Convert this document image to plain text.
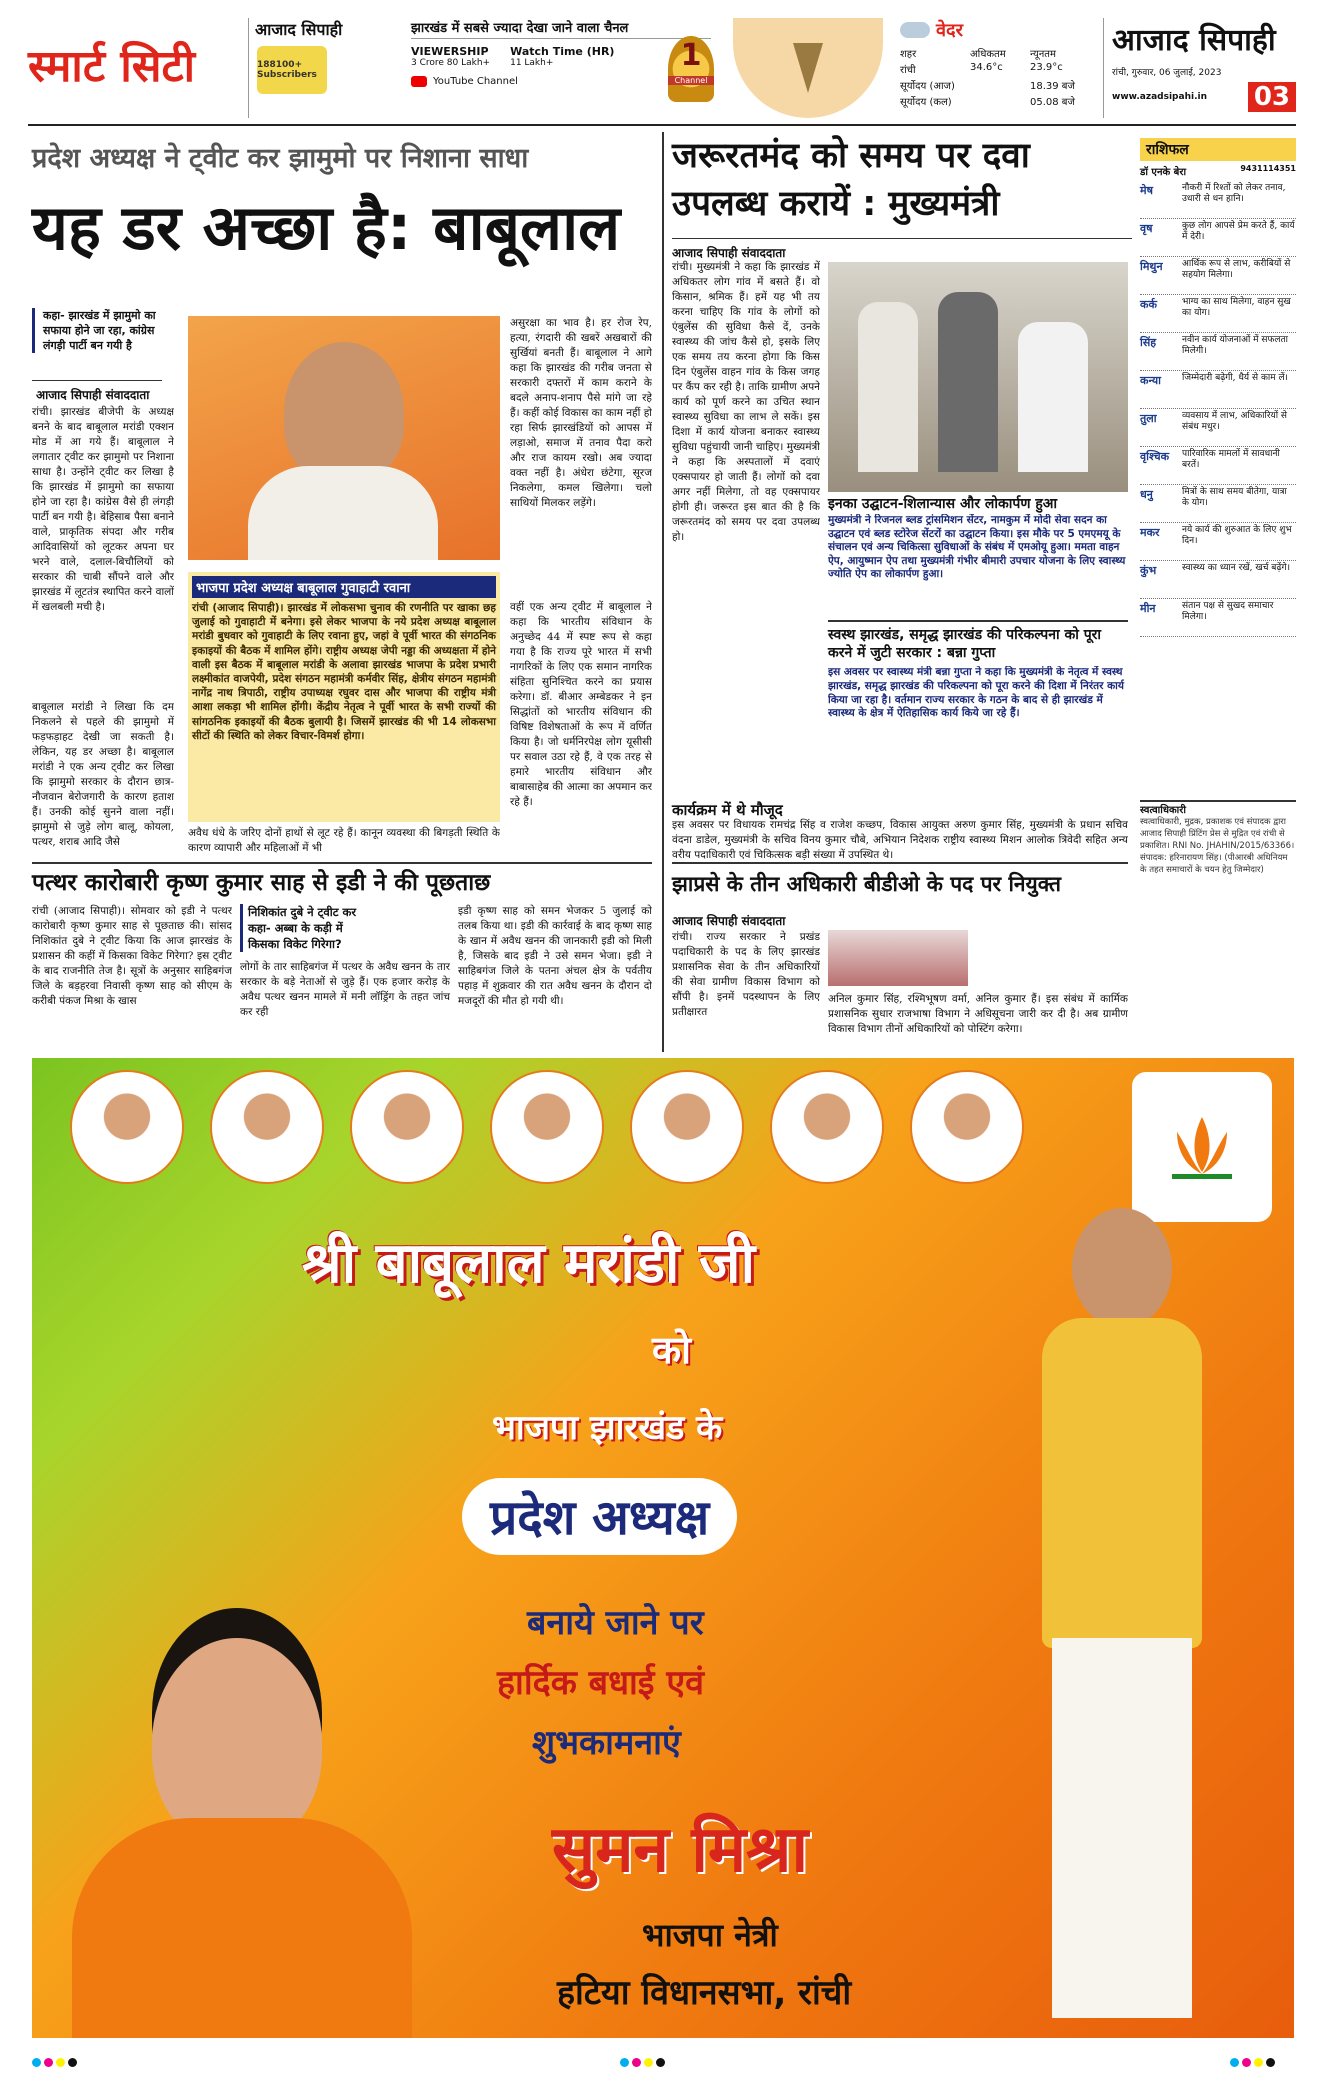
स्मार्ट सिटी
आजाद सिपाही
188100+ Subscribers
झारखंड में सबसे ज्यादा देखा जाने वाला चैनल
VIEWERSHIP
3 Crore 80 Lakh+
Watch Time (HR)
11 Lakh+
YouTube Channel
1
Channel
वेदर
शहर	अधिकतम	न्यूनतम
रांची	34.6°c	23.9°c
सूर्योदय (आज)	18.39 बजे
सूर्योदय (कल)	05.08 बजे
आजाद सिपाही
रांची, गुरुवार, 06 जुलाई, 2023
www.azadsipahi.in 03
प्रदेश अध्यक्ष ने ट्वीट कर झामुमो पर निशाना साधा
यह डर अच्छा है: बाबूलाल
कहा- झारखंड में झामुमो का सफाया होने जा रहा, कांग्रेस लंगड़ी पार्टी बन गयी है
आजाद सिपाही संवाददाता
रांची। झारखंड बीजेपी के अध्यक्ष बनने के बाद बाबूलाल मरांडी एक्शन मोड में आ गये हैं। बाबूलाल ने लगातार ट्वीट कर झामुमो पर निशाना साधा है। उन्होंने ट्वीट कर लिखा है कि झारखंड में झामुमो का सफाया होने जा रहा है। कांग्रेस वैसे ही लंगड़ी पार्टी बन गयी है। बेहिसाब पैसा बनाने वाले, प्राकृतिक संपदा और गरीब आदिवासियों को लूटकर अपना घर भरने वाले, दलाल-बिचौलियों को सरकार की चाबी सौंपने वाले और झारखंड में लूटतंत्र स्थापित करने वालों में खलबली मची है।
बाबूलाल मरांडी ने लिखा कि दम निकलने से पहले की झामुमो में फड़फड़ाहट देखी जा सकती है। लेकिन, यह डर अच्छा है। बाबूलाल मरांडी ने एक अन्य ट्वीट कर लिखा कि झामुमो सरकार के दौरान छात्र-नौजवान बेरोजगारी के कारण हताश हैं। उनकी कोई सुनने वाला नहीं। झामुमो से जुड़े लोग बालू, कोयला, पत्थर, शराब आदि जैसे
भाजपा प्रदेश अध्यक्ष बाबूलाल गुवाहाटी रवाना
रांची (आजाद सिपाही)। झारखंड में लोकसभा चुनाव की रणनीति पर खाका छह जुलाई को गुवाहाटी में बनेगा। इसे लेकर भाजपा के नये प्रदेश अध्यक्ष बाबूलाल मरांडी बुधवार को गुवाहाटी के लिए रवाना हुए, जहां वे पूर्वी भारत की संगठनिक इकाइयों की बैठक में शामिल होंगे। राष्ट्रीय अध्यक्ष जेपी नड्डा की अध्यक्षता में होने वाली इस बैठक में बाबूलाल मरांडी के अलावा झारखंड भाजपा के प्रदेश प्रभारी लक्ष्मीकांत वाजपेयी, प्रदेश संगठन महामंत्री कर्मवीर सिंह, क्षेत्रीय संगठन महामंत्री नागेंद्र नाथ त्रिपाठी, राष्ट्रीय उपाध्यक्ष रघुवर दास और भाजपा की राष्ट्रीय मंत्री आशा लकड़ा भी शामिल होंगी। केंद्रीय नेतृत्व ने पूर्वी भारत के सभी राज्यों की सांगठनिक इकाइयों की बैठक बुलायी है। जिसमें झारखंड की भी 14 लोकसभा सीटों की स्थिति को लेकर विचार-विमर्श होगा।
अवैध धंधे के जरिए दोनों हाथों से लूट रहे हैं। कानून व्यवस्था की बिगड़ती स्थिति के कारण व्यापारी और महिलाओं में भी
असुरक्षा का भाव है। हर रोज रेप, हत्या, रंगदारी की खबरें अखबारों की सुर्खियां बनती हैं। बाबूलाल ने आगे कहा कि झारखंड की गरीब जनता से सरकारी दफ्तरों में काम कराने के बदले अनाप-शनाप पैसे मांगे जा रहे हैं। कहीं कोई विकास का काम नहीं हो रहा सिर्फ झारखंडियों को आपस में लड़ाओ, समाज में तनाव पैदा करो और राज कायम रखो। अब ज्यादा वक्त नहीं है। अंधेरा छंटेगा, सूरज निकलेगा, कमल खिलेगा। चलो साथियों मिलकर लड़ेंगे।
वहीं एक अन्य ट्वीट में बाबूलाल ने कहा कि भारतीय संविधान के अनुच्छेद 44 में स्पष्ट रूप से कहा गया है कि राज्य पूरे भारत में सभी नागरिकों के लिए एक समान नागरिक संहिता सुनिश्चित करने का प्रयास करेगा। डॉ. बीआर अम्बेडकर ने इन सिद्धांतों को भारतीय संविधान की विषिष्ट विशेषताओं के रूप में वर्णित किया है। जो धर्मनिरपेक्ष लोग यूसीसी पर सवाल उठा रहे हैं, वे एक तरह से हमारे भारतीय संविधान और बाबासाहेब की आत्मा का अपमान कर रहे हैं।
जरूरतमंद को समय पर दवा उपलब्ध करायें : मुख्यमंत्री
आजाद सिपाही संवाददाता
रांची। मुख्यमंत्री ने कहा कि झारखंड में अधिकतर लोग गांव में बसते हैं। वो किसान, श्रमिक हैं। हमें यह भी तय करना चाहिए कि गांव के लोगों को एंबुलेंस की सुविधा कैसे दें, उनके स्वास्थ्य की जांच कैसे हो, इसके लिए एक समय तय करना होगा कि किस दिन एंबुलेंस वाहन गांव के किस जगह पर कैंप कर रही है। ताकि ग्रामीण अपने कार्य को पूर्ण करने का उचित स्थान स्वास्थ्य सुविधा का लाभ ले सकें। इस दिशा में कार्य योजना बनाकर स्वास्थ्य सुविधा पहुंचायी जानी चाहिए। मुख्यमंत्री ने कहा कि अस्पतालों में दवाएं एक्सपायर हो जाती हैं। लोगों को दवा अगर नहीं मिलेगा, तो वह एक्सपायर होगी ही। जरूरत इस बात की है कि जरूरतमंद को समय पर दवा उपलब्ध हो।
इनका उद्घाटन-शिलान्यास और लोकार्पण हुआ
मुख्यमंत्री ने रिजनल ब्लड ट्रांसमिशन सेंटर, नामकुम में मोदी सेवा सदन का उद्घाटन एवं ब्लड स्टोरेज सेंटरों का उद्घाटन किया। इस मौके पर 5 एमएमयू के संचालन एवं अन्य चिकित्सा सुविधाओं के संबंध में एमओयू हुआ। ममता वाहन ऐप, आयुष्मान ऐप तथा मुख्यमंत्री गंभीर बीमारी उपचार योजना के लिए स्वास्थ्य ज्योति ऐप का लोकार्पण हुआ।
स्वस्थ झारखंड, समृद्ध झारखंड की परिकल्पना को पूरा करने में जुटी सरकार : बन्ना गुप्ता
इस अवसर पर स्वास्थ्य मंत्री बन्ना गुप्ता ने कहा कि मुख्यमंत्री के नेतृत्व में स्वस्थ झारखंड, समृद्ध झारखंड की परिकल्पना को पूरा करने की दिशा में निरंतर कार्य किया जा रहा है। वर्तमान राज्य सरकार के गठन के बाद से ही झारखंड में स्वास्थ्य के क्षेत्र में ऐतिहासिक कार्य किये जा रहे हैं।
कार्यक्रम में थे मौजूद
इस अवसर पर विधायक रामचंद्र सिंह व राजेश कच्छप, विकास आयुक्त अरुण कुमार सिंह, मुख्यमंत्री के प्रधान सचिव वंदना डाडेल, मुख्यमंत्री के सचिव विनय कुमार चौबे, अभियान निदेशक राष्ट्रीय स्वास्थ्य मिशन आलोक त्रिवेदी सहित अन्य वरीय पदाधिकारी एवं चिकित्सक बड़ी संख्या में उपस्थित थे।
राशिफल
डॉ एनके बेरा	9431114351
मेष	नौकरी में रिश्तों को लेकर तनाव, उधारी से धन हानि।
वृष	कुछ लोग आपसे प्रेम करते हैं, कार्य में देरी।
मिथुन	आर्थिक रूप से लाभ, करीबियों से सहयोग मिलेगा।
कर्क	भाग्य का साथ मिलेगा, वाहन सुख का योग।
सिंह	नवीन कार्य योजनाओं में सफलता मिलेगी।
कन्या	जिम्मेदारी बढ़ेगी, धैर्य से काम लें।
तुला	व्यवसाय में लाभ, अधिकारियों से संबंध मधुर।
वृश्चिक	पारिवारिक मामलों में सावधानी बरतें।
धनु	मित्रों के साथ समय बीतेगा, यात्रा के योग।
मकर	नये कार्य की शुरुआत के लिए शुभ दिन।
कुंभ	स्वास्थ्य का ध्यान रखें, खर्च बढ़ेंगे।
मीन	संतान पक्ष से सुखद समाचार मिलेगा।
स्वत्वाधिकारी
स्वत्वाधिकारी, मुद्रक, प्रकाशक एवं संपादक द्वारा आजाद सिपाही प्रिंटिंग प्रेस से मुद्रित एवं रांची से प्रकाशित। RNI No. JHAHIN/2015/63366। संपादक: हरिनारायण सिंह। (पीआरबी अधिनियम के तहत समाचारों के चयन हेतु जिम्मेदार)
पत्थर कारोबारी कृष्ण कुमार साह से इडी ने की पूछताछ
रांची (आजाद सिपाही)। सोमवार को इडी ने पत्थर कारोबारी कृष्ण कुमार साह से पूछताछ की। सांसद निशिकांत दुबे ने ट्वीट किया कि आज झारखंड के प्रशासन की कहीं में किसका विकेट गिरेगा? इस ट्वीट के बाद राजनीति तेज है। सूत्रों के अनुसार साहिबगंज जिले के बड़हरवा निवासी कृष्ण साह को सीएम के करीबी पंकज मिश्रा के खास
निशिकांत दुबे ने ट्वीट कर कहा- अब्बा के कड़ी में किसका विकेट गिरेगा?
लोगों के तार साहिबगंज में पत्थर के अवैध खनन के तार सरकार के बड़े नेताओं से जुड़े हैं। एक हजार करोड़ के अवैध पत्थर खनन मामले में मनी लॉड्रिंग के तहत जांच कर रही
इडी कृष्ण साह को समन भेजकर 5 जुलाई को तलब किया था। इडी की कार्रवाई के बाद कृष्ण साह के खान में अवैध खनन की जानकारी इडी को मिली है, जिसके बाद इडी ने उसे समन भेजा। इडी ने साहिबगंज जिले के पतना अंचल क्षेत्र के पर्वतीय पहाड़ में शुक्रवार की रात अवैध खनन के दौरान दो मजदूरों की मौत हो गयी थी।
झाप्रसे के तीन अधिकारी बीडीओ के पद पर नियुक्त
आजाद सिपाही संवाददाता
रांची। राज्य सरकार ने प्रखंड पदाधिकारी के पद के लिए झारखंड प्रशासनिक सेवा के तीन अधिकारियों की सेवा ग्रामीण विकास विभाग को सौंपी है। इनमें पदस्थापन के लिए प्रतीक्षारत
अनिल कुमार सिंह, रश्मिभूषण वर्मा, अनिल कुमार हैं। इस संबंध में कार्मिक प्रशासनिक सुधार राजभाषा विभाग ने अधिसूचना जारी कर दी है। अब ग्रामीण विकास विभाग तीनों अधिकारियों को पोस्टिंग करेगा।
श्री बाबूलाल मरांडी जी
को
भाजपा झारखंड के
प्रदेश अध्यक्ष
बनाये जाने पर
हार्दिक बधाई एवं
शुभकामनाएं
सुमन मिश्रा
भाजपा नेत्री
हटिया विधानसभा, रांची
